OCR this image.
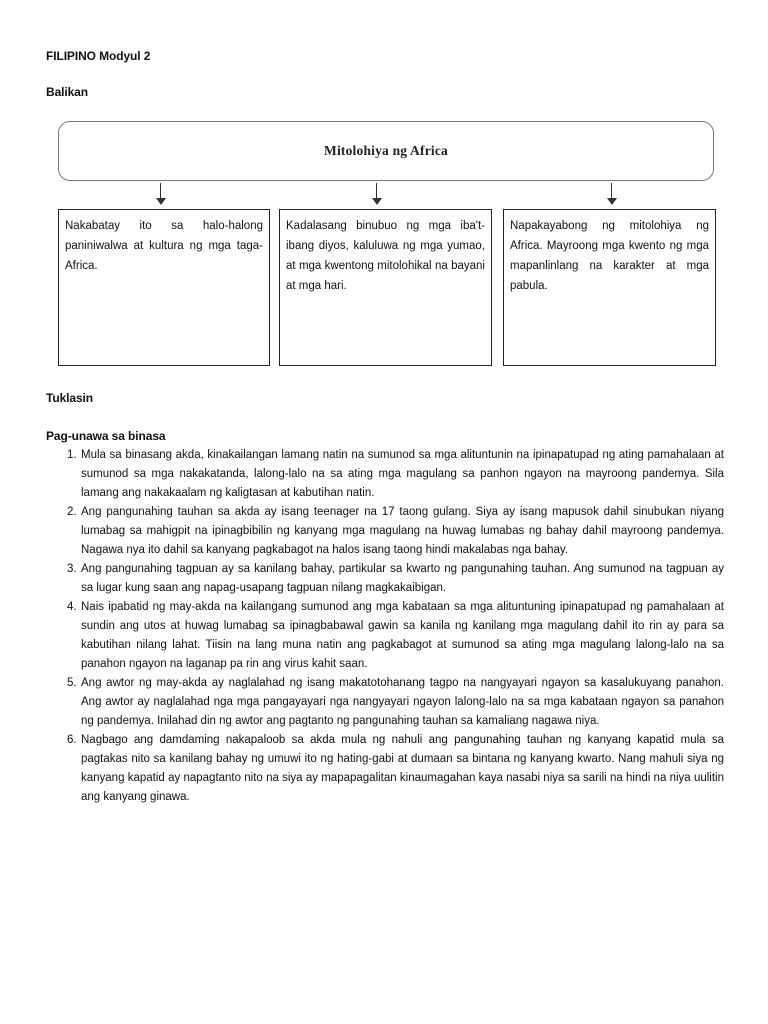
FILIPINO Modyul 2
Balikan
Mitolohiya ng Africa
Nakabatay ito sa halo-halong paniniwalwa at kultura ng mga taga-Africa.
Kadalasang binubuo ng mga iba't-ibang diyos, kaluluwa ng mga yumao, at mga kwentong mitolohikal na bayani at mga hari.
Napakayabong ng mitolohiya ng Africa. Mayroong mga kwento ng mga mapanlinlang na karakter at mga pabula.
Tuklasin
Pag-unawa sa binasa
1. Mula sa binasang akda, kinakailangan lamang natin na sumunod sa mga alituntunin na ipinapatupad ng ating pamahalaan at sumunod sa mga nakakatanda, lalong-lalo na sa ating mga magulang sa panhon ngayon na mayroong pandemya. Sila lamang ang nakakaalam ng kaligtasan at kabutihan natin.
2. Ang pangunahing tauhan sa akda ay isang teenager na 17 taong gulang. Siya ay isang mapusok dahil sinubukan niyang lumabag sa mahigpit na ipinagbibilin ng kanyang mga magulang na huwag lumabas ng bahay dahil mayroong pandemya. Nagawa nya ito dahil sa kanyang pagkabagot na halos isang taong hindi makalabas nga bahay.
3. Ang pangunahing tagpuan ay sa kanilang bahay, partikular sa kwarto ng pangunahing tauhan. Ang sumunod na tagpuan ay sa lugar kung saan ang napag-usapang tagpuan nilang magkakaibigan.
4. Nais ipabatid ng may-akda na kailangang sumunod ang mga kabataan sa mga alituntuning ipinapatupad ng pamahalaan at sundin ang utos at huwag lumabag sa ipinagbabawal gawin sa kanila ng kanilang mga magulang dahil ito rin ay para sa kabutihan nilang lahat. Tiisin na lang muna natin ang pagkabagot at sumunod sa ating mga magulang lalong-lalo na sa panahon ngayon na laganap pa rin ang virus kahit saan.
5. Ang awtor ng may-akda ay naglalahad ng isang makatotohanang tagpo na nangyayari ngayon sa kasalukuyang panahon. Ang awtor ay naglalahad nga mga pangayayari nga nangyayari ngayon lalong-lalo na sa mga kabataan ngayon sa panahon ng pandemya. Inilahad din ng awtor ang pagtanto ng pangunahing tauhan sa kamaliang nagawa niya.
6. Nagbago ang damdaming nakapaloob sa akda mula ng nahuli ang pangunahing tauhan ng kanyang kapatid mula sa pagtakas nito sa kanilang bahay ng umuwi ito ng hating-gabi at dumaan sa bintana ng kanyang kwarto. Nang mahuli siya ng kanyang kapatid ay napagtanto nito na siya ay mapapagalitan kinaumagahan kaya nasabi niya sa sarili na hindi na niya uulitin ang kanyang ginawa.
